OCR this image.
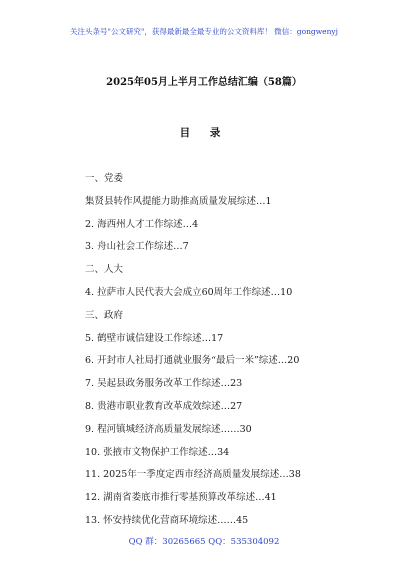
关注头条号"公文研究"，获得最新最全最专业的公文资料库！ 微信：gongwenyj
2025年05月上半月工作总结汇编（58篇）
目 录
一、党委
集贤县转作风提能力助推高质量发展综述…1
2. 海西州人才工作综述…4
3. 舟山社会工作综述…7
二、人大
4. 拉萨市人民代表大会成立60周年工作综述…10
三、政府
5. 鹤壁市诚信建设工作综述…17
6. 开封市人社局打通就业服务“最后一米”综述…20
7. 吴起县政务服务改革工作综述…23
8. 贵港市职业教育改革成效综述…27
9. 程河镇城经济高质量发展综述……30
10. 张掖市文物保护工作综述…34
11. 2025年一季度定西市经济高质量发展综述…38
12. 湖南省娄底市推行零基预算改革综述…41
13. 怀安持续优化营商环境综述……45
QQ 群：30265665 QQ：535304092
